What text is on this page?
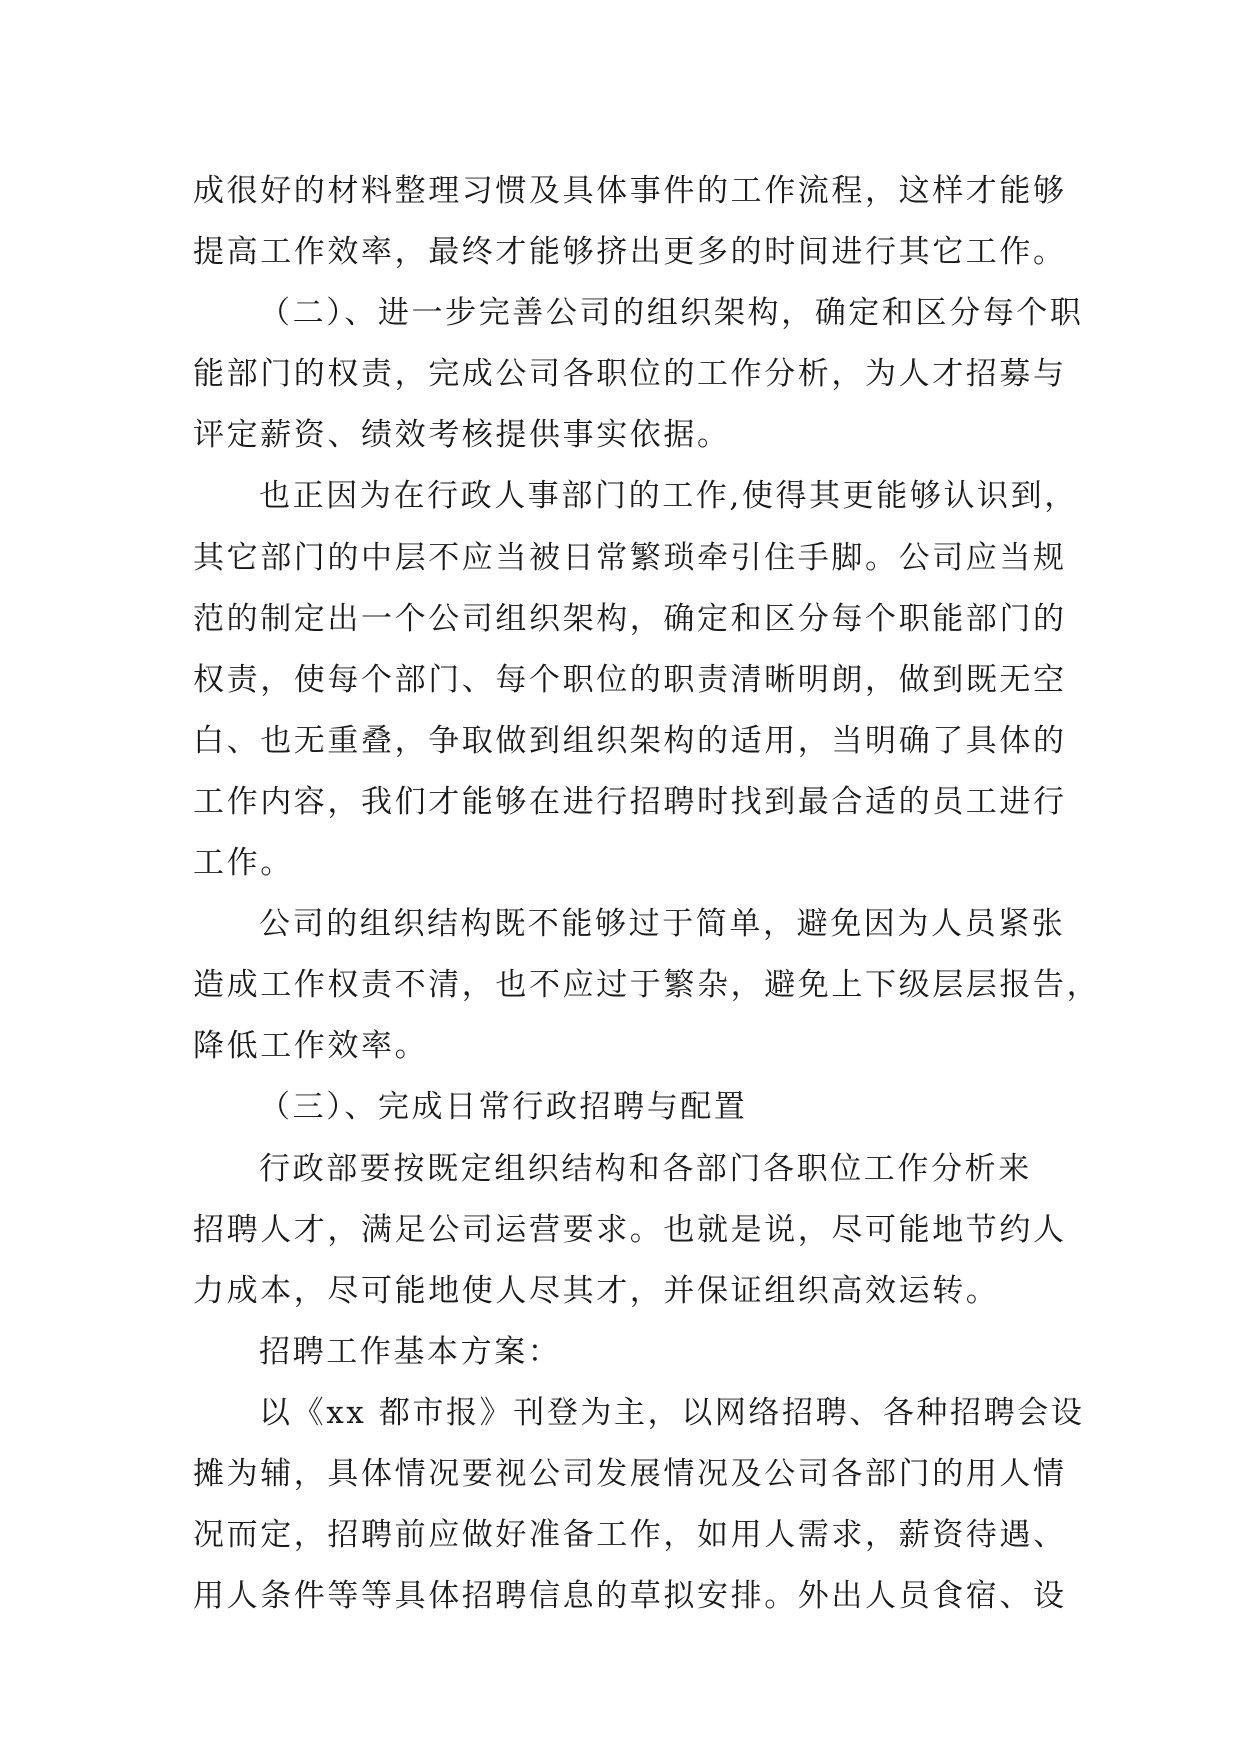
成很好的材料整理习惯及具体事件的工作流程，这样才能够
提高工作效率，最终才能够挤出更多的时间进行其它工作。
（二）、进一步完善公司的组织架构，确定和区分每个职
能部门的权责，完成公司各职位的工作分析，为人才招募与
评定薪资、绩效考核提供事实依据。
也正因为在行政人事部门的工作,使得其更能够认识到，
其它部门的中层不应当被日常繁琐牵引住手脚。公司应当规
范的制定出一个公司组织架构，确定和区分每个职能部门的
权责，使每个部门、每个职位的职责清晰明朗，做到既无空
白、也无重叠，争取做到组织架构的适用，当明确了具体的
工作内容，我们才能够在进行招聘时找到最合适的员工进行
工作。
公司的组织结构既不能够过于简单，避免因为人员紧张
造成工作权责不清，也不应过于繁杂，避免上下级层层报告，
降低工作效率。
（三）、完成日常行政招聘与配置
行政部要按既定组织结构和各部门各职位工作分析来
招聘人才，满足公司运营要求。也就是说，尽可能地节约人
力成本，尽可能地使人尽其才，并保证组织高效运转。
招聘工作基本方案：
以《xx 都市报》刊登为主，以网络招聘、各种招聘会设
摊为辅，具体情况要视公司发展情况及公司各部门的用人情
况而定，招聘前应做好准备工作，如用人需求，薪资待遇、
用人条件等等具体招聘信息的草拟安排。外出人员食宿、设
